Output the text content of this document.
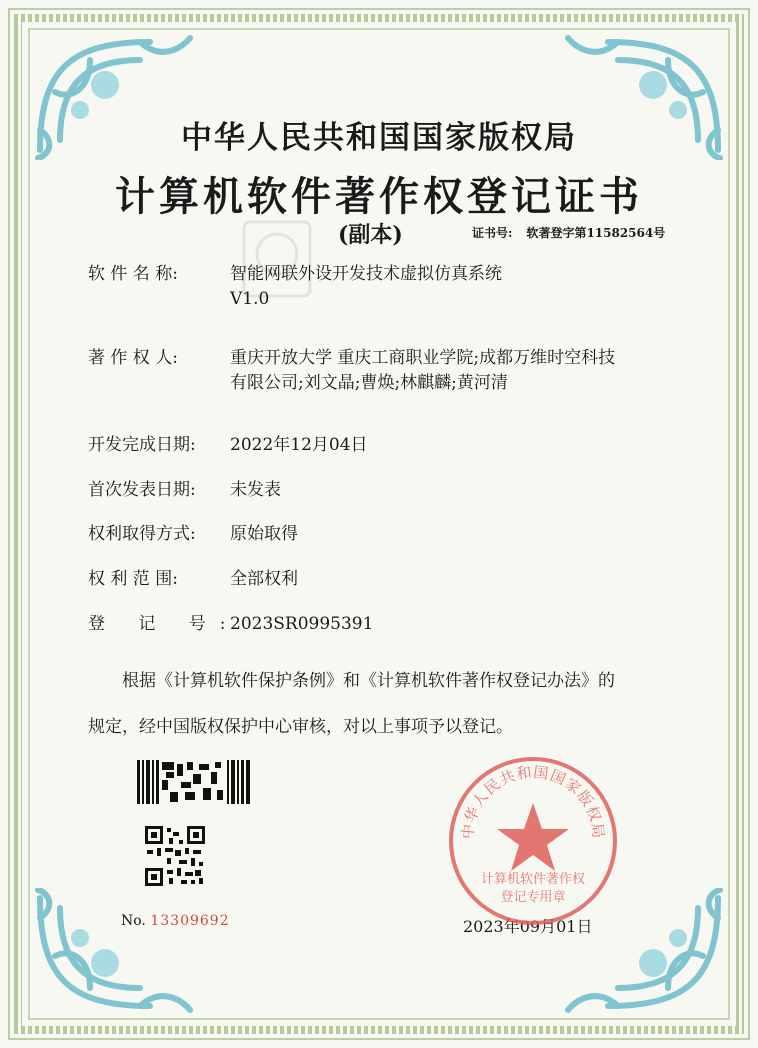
中华人民共和国国家版权局
计算机软件著作权登记证书
(副本)	证书号: 软著登字第11582564号
软 件 名 称:	智能网联外设开发技术虚拟仿真系统
V1.0
著 作 权 人:	重庆开放大学 重庆工商职业学院;成都万维时空科技
有限公司;刘文晶;曹焕;林麒麟;黄河清
开发完成日期:	2022年12月04日
首次发表日期:	未发表
权利取得方式:	原始取得
权 利 范 围:	全部权利
登 记 号:
2023SR0995391
根据《计算机软件保护条例》和《计算机软件著作权登记办法》的
规定，经中国版权保护中心审核，对以上事项予以登记。
No. 13309692	2023年09月01日
中华人民共和国国家版权局
计算机软件著作权
登记专用章
